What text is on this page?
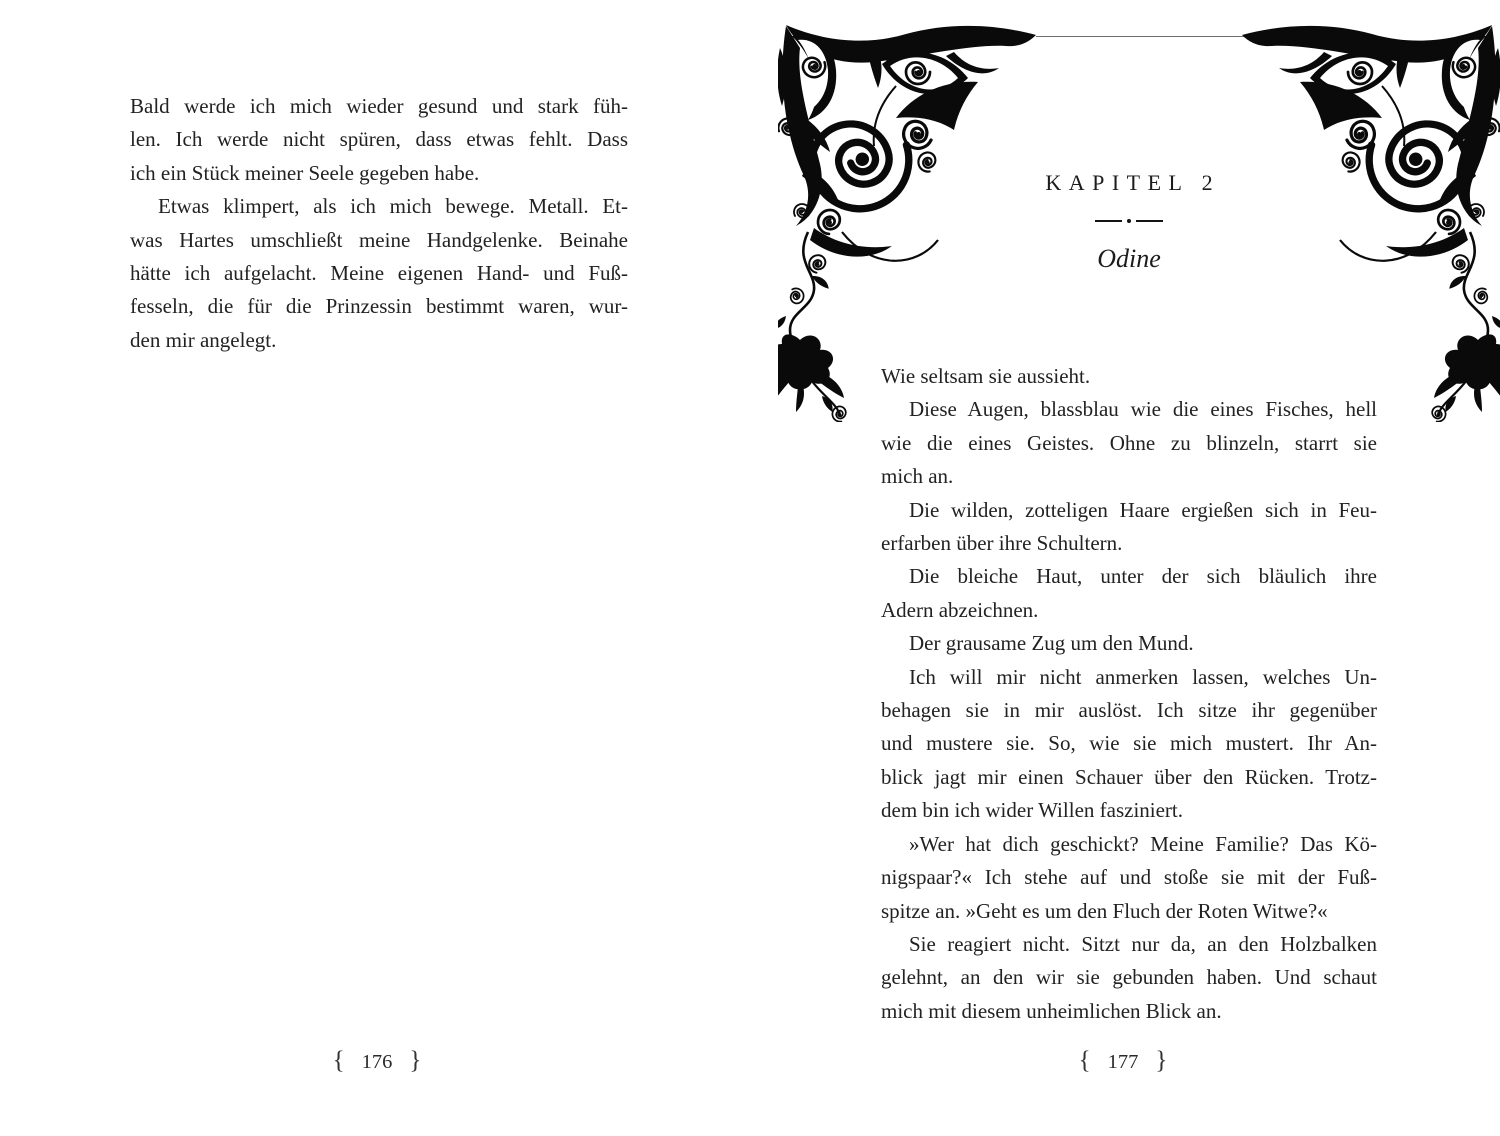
Bald werde ich mich wieder gesund und stark füh-
len. Ich werde nicht spüren, dass etwas fehlt. Dass
ich ein Stück meiner Seele gegeben habe.
Etwas klimpert, als ich mich bewege. Metall. Et-
was Hartes umschließt meine Handgelenke. Beinahe
hätte ich aufgelacht. Meine eigenen Hand- und Fuß-
fesseln, die für die Prinzessin bestimmt waren, wur-
den mir angelegt.
{ 176 }
KAPITEL 2
Odine
Wie seltsam sie aussieht.
Diese Augen, blassblau wie die eines Fisches, hell
wie die eines Geistes. Ohne zu blinzeln, starrt sie
mich an.
Die wilden, zotteligen Haare ergießen sich in Feu-
erfarben über ihre Schultern.
Die bleiche Haut, unter der sich bläulich ihre
Adern abzeichnen.
Der grausame Zug um den Mund.
Ich will mir nicht anmerken lassen, welches Un-
behagen sie in mir auslöst. Ich sitze ihr gegenüber
und mustere sie. So, wie sie mich mustert. Ihr An-
blick jagt mir einen Schauer über den Rücken. Trotz-
dem bin ich wider Willen fasziniert.
»Wer hat dich geschickt? Meine Familie? Das Kö-
nigspaar?« Ich stehe auf und stoße sie mit der Fuß-
spitze an. »Geht es um den Fluch der Roten Witwe?«
Sie reagiert nicht. Sitzt nur da, an den Holzbalken
gelehnt, an den wir sie gebunden haben. Und schaut
mich mit diesem unheimlichen Blick an.
{ 177 }
